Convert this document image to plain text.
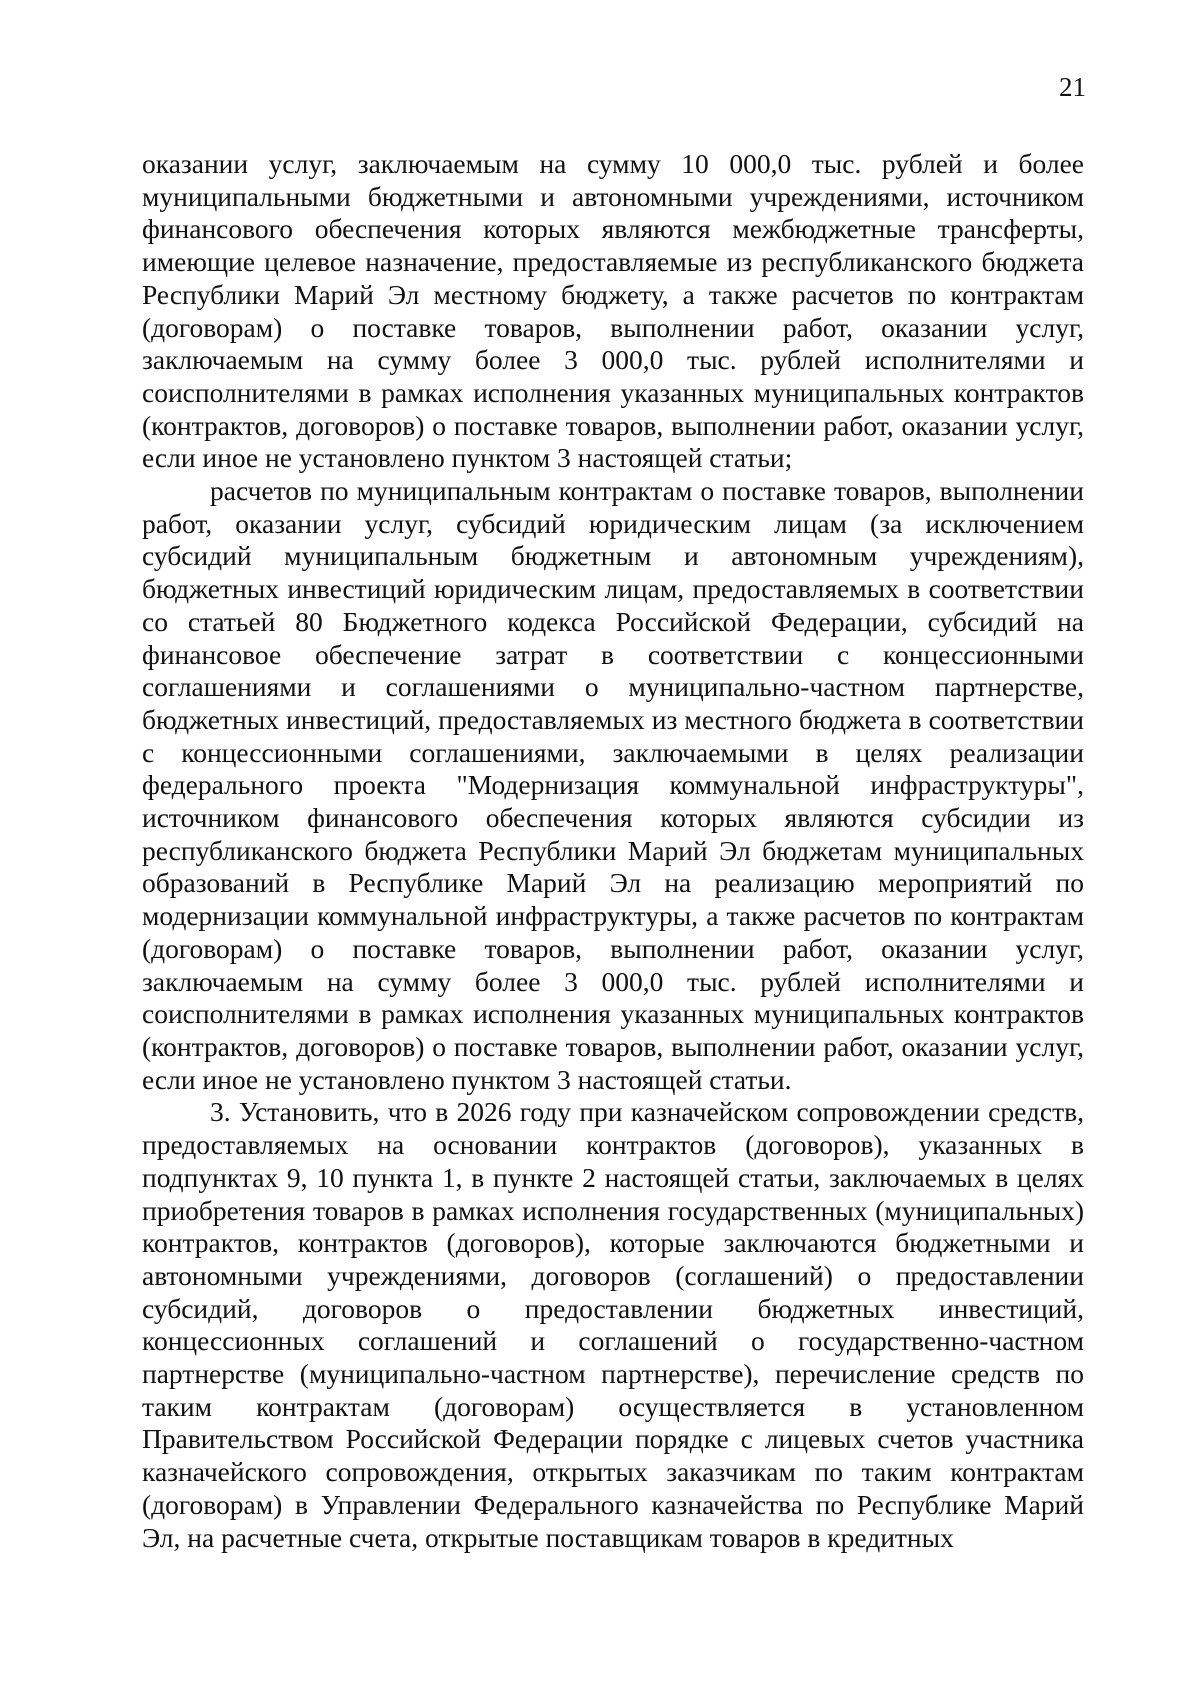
21

оказании услуг, заключаемым на сумму 10 000,0 тыс. рублей и более муниципальными бюджетными и автономными учреждениями, источником финансового обеспечения которых являются межбюджетные трансферты, имеющие целевое назначение, предоставляемые из республиканского бюджета Республики Марий Эл местному бюджету, а также расчетов по контрактам (договорам) о поставке товаров, выполнении работ, оказании услуг, заключаемым на сумму более 3 000,0 тыс. рублей исполнителями и соисполнителями в рамках исполнения указанных муниципальных контрактов (контрактов, договоров) о поставке товаров, выполнении работ, оказании услуг, если иное не установлено пунктом 3 настоящей статьи;

расчетов по муниципальным контрактам о поставке товаров, выполнении работ, оказании услуг, субсидий юридическим лицам (за исключением субсидий муниципальным бюджетным и автономным учреждениям), бюджетных инвестиций юридическим лицам, предоставляемых в соответствии со статьей 80 Бюджетного кодекса Российской Федерации, субсидий на финансовое обеспечение затрат в соответствии с концессионными соглашениями и соглашениями о муниципально-частном партнерстве, бюджетных инвестиций, предоставляемых из местного бюджета в соответствии с концессионными соглашениями, заключаемыми в целях реализации федерального проекта "Модернизация коммунальной инфраструктуры", источником финансового обеспечения которых являются субсидии из республиканского бюджета Республики Марий Эл бюджетам муниципальных образований в Республике Марий Эл на реализацию мероприятий по модернизации коммунальной инфраструктуры, а также расчетов по контрактам (договорам) о поставке товаров, выполнении работ, оказании услуг, заключаемым на сумму более 3 000,0 тыс. рублей исполнителями и соисполнителями в рамках исполнения указанных муниципальных контрактов (контрактов, договоров) о поставке товаров, выполнении работ, оказании услуг, если иное не установлено пунктом 3 настоящей статьи.

3. Установить, что в 2026 году при казначейском сопровождении средств, предоставляемых на основании контрактов (договоров), указанных в подпунктах 9, 10 пункта 1, в пункте 2 настоящей статьи, заключаемых в целях приобретения товаров в рамках исполнения государственных (муниципальных) контрактов, контрактов (договоров), которые заключаются бюджетными и автономными учреждениями, договоров (соглашений) о предоставлении субсидий, договоров о предоставлении бюджетных инвестиций, концессионных соглашений и соглашений о государственно-частном партнерстве (муниципально-частном партнерстве), перечисление средств по таким контрактам (договорам) осуществляется в установленном Правительством Российской Федерации порядке с лицевых счетов участника казначейского сопровождения, открытых заказчикам по таким контрактам (договорам) в Управлении Федерального казначейства по Республике Марий Эл, на расчетные счета, открытые поставщикам товаров в кредитных
